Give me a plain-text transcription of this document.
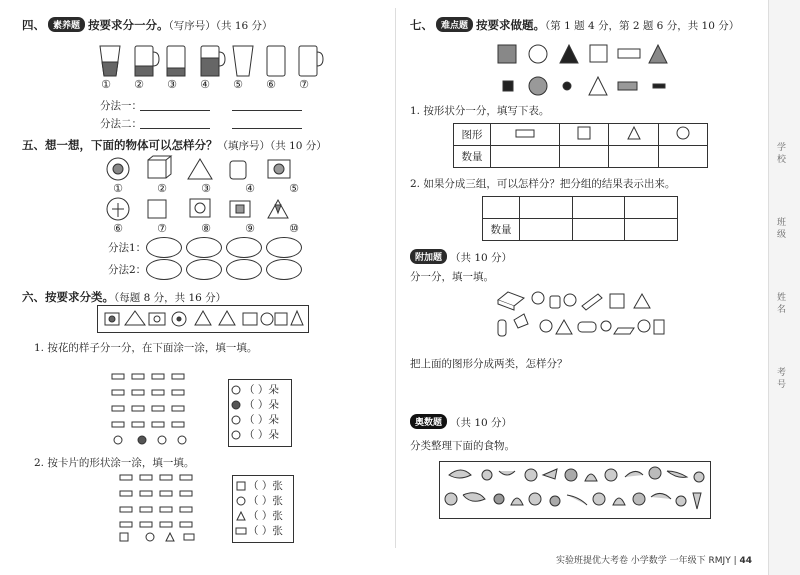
四、 素养题 按要求分一分。（写序号）（共 16 分）
①	②	③	④	⑤	⑥	⑦
分法一：
分法二：
五、想一想，下面的物体可以怎样分？（填序号）（共 10 分）
①	②	③	④	⑤
⑥	⑦	⑧	⑨	⑩
分法1：
分法2：
六、按要求分类。（每题 8 分，共 16 分）
1. 按花的样子分一分，在下面涂一涂，填一填。
（ ）朵
（ ）朵
（ ）朵
（ ）朵
2. 按卡片的形状涂一涂，填一填。
（ ）张
（ ）张
（ ）张
（ ）张
七、 难点题 按要求做题。（第 1 题 4 分，第 2 题 6 分，共 10 分）
1. 按形状分一分，填写下表。
图形				
数量				
2. 如果分成三组，可以怎样分？把分组的结果表示出来。

数量			
附加题 （共 10 分）
分一分，填一填。
把上面的图形分成两类，怎样分？
奥数题 （共 10 分）
分类整理下面的食物。
学
校
班
级
姓
名
考
号
实验班提优大考卷 小学数学 一年级下 RMJY | 44
